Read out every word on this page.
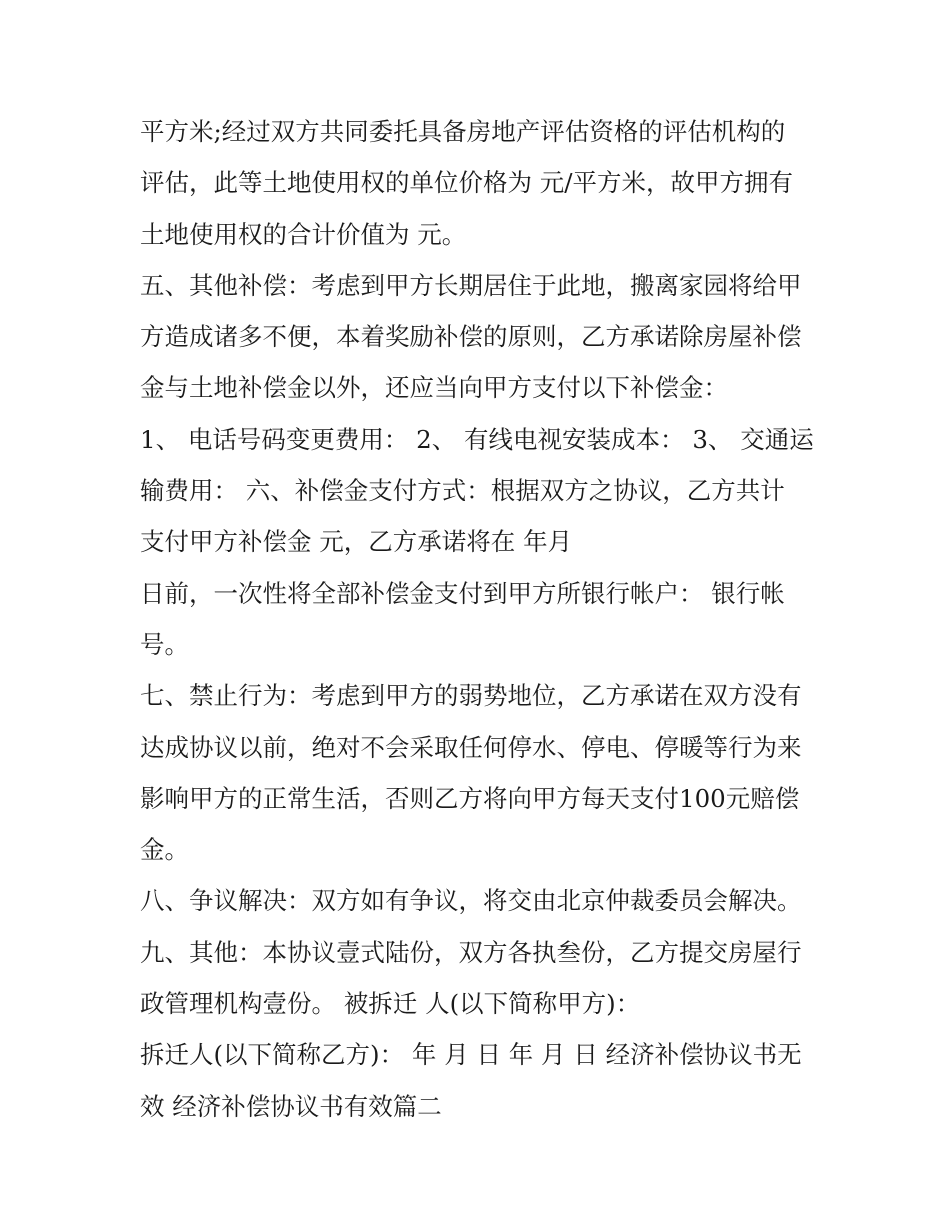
平方米;经过双方共同委托具备房地产评估资格的评估机构的
评估，此等土地使用权的单位价格为 元/平方米，故甲方拥有
土地使用权的合计价值为 元。
五、其他补偿：考虑到甲方长期居住于此地，搬离家园将给甲
方造成诸多不便，本着奖励补偿的原则，乙方承诺除房屋补偿
金与土地补偿金以外，还应当向甲方支付以下补偿金：
1、 电话号码变更费用： 2、 有线电视安装成本： 3、 交通运
输费用： 六、补偿金支付方式：根据双方之协议，乙方共计
支付甲方补偿金 元，乙方承诺将在 年月
日前，一次性将全部补偿金支付到甲方所银行帐户： 银行帐
号。
七、禁止行为：考虑到甲方的弱势地位，乙方承诺在双方没有
达成协议以前，绝对不会采取任何停水、停电、停暖等行为来
影响甲方的正常生活，否则乙方将向甲方每天支付100元赔偿
金。
八、争议解决：双方如有争议，将交由北京仲裁委员会解决。
九、其他：本协议壹式陆份，双方各执叁份，乙方提交房屋行
政管理机构壹份。 被拆迁 人(以下简称甲方)：
拆迁人(以下简称乙方)： 年 月 日 年 月 日 经济补偿协议书无
效 经济补偿协议书有效篇二
